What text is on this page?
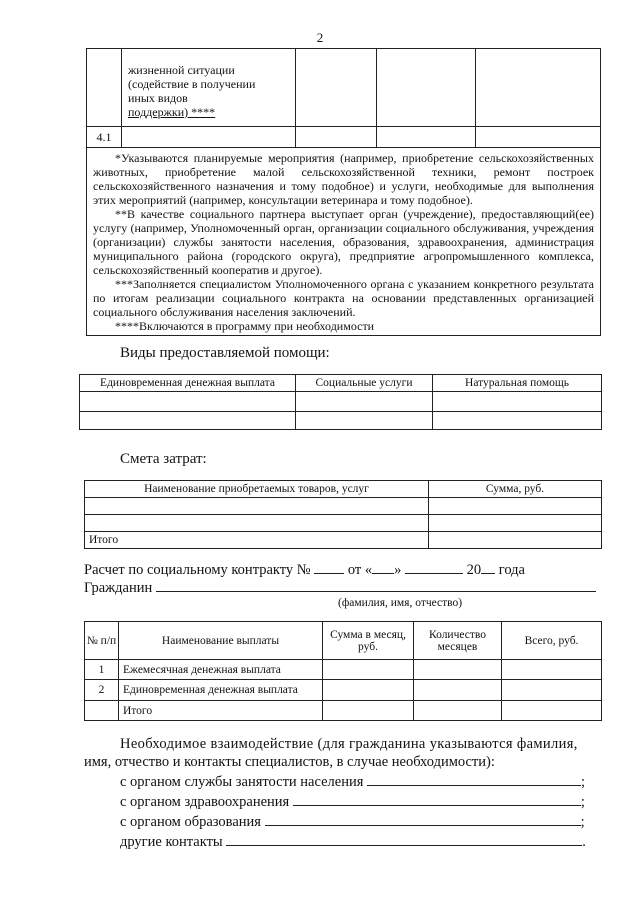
2

	жизненной ситуации
(содействие в получении
иных видов
поддержки) ****			

4.1				

*Указываются планируемые мероприятия (например, приобретение сельскохозяйственных животных, приобретение малой сельскохозяйственной техники, ремонт построек сельскохозяйственного назначения и тому подобное) и услуги, необходимые для выполнения этих мероприятий (например, консультации ветеринара и тому подобное).

**В качестве социального партнера выступает орган (учреждение), предоставляющий(ее) услугу (например, Уполномоченный орган, организации социального обслуживания, учреждения (организации) службы занятости населения, образования, здравоохранения, администрация муниципального района (городского округа), предприятие агропромышленного комплекса, сельскохозяйственный кооператив и другое).

***Заполняется специалистом Уполномоченного органа с указанием конкретного результата по итогам реализации социального контракта на основании представленных организацией социального обслуживания населения заключений.

****Включаются в программу при необходимости				

Виды предоставляемой помощи:
Единовременная денежная выплата	Социальные услуги	Натуральная помощь

Смета затрат:
Наименование приобретаемых товаров, услуг	Сумма, руб.

Итого	
Расчет по социальному контракту №	от « »	20 года
Гражданин
(фамилия, имя, отчество)
№ п/п	Наименование выплаты	Сумма в месяц, руб.	Количество месяцев	Всего, руб.
1	Ежемесячная денежная выплата			
2	Единовременная денежная выплата			
	Итого			
Необходимое взаимодействие (для гражданина указываются фамилия,
имя, отчество и контакты специалистов, в случае необходимости):
с органом службы занятости населения	;
с органом здравоохранения	;
с органом образования	;
другие контакты	.
